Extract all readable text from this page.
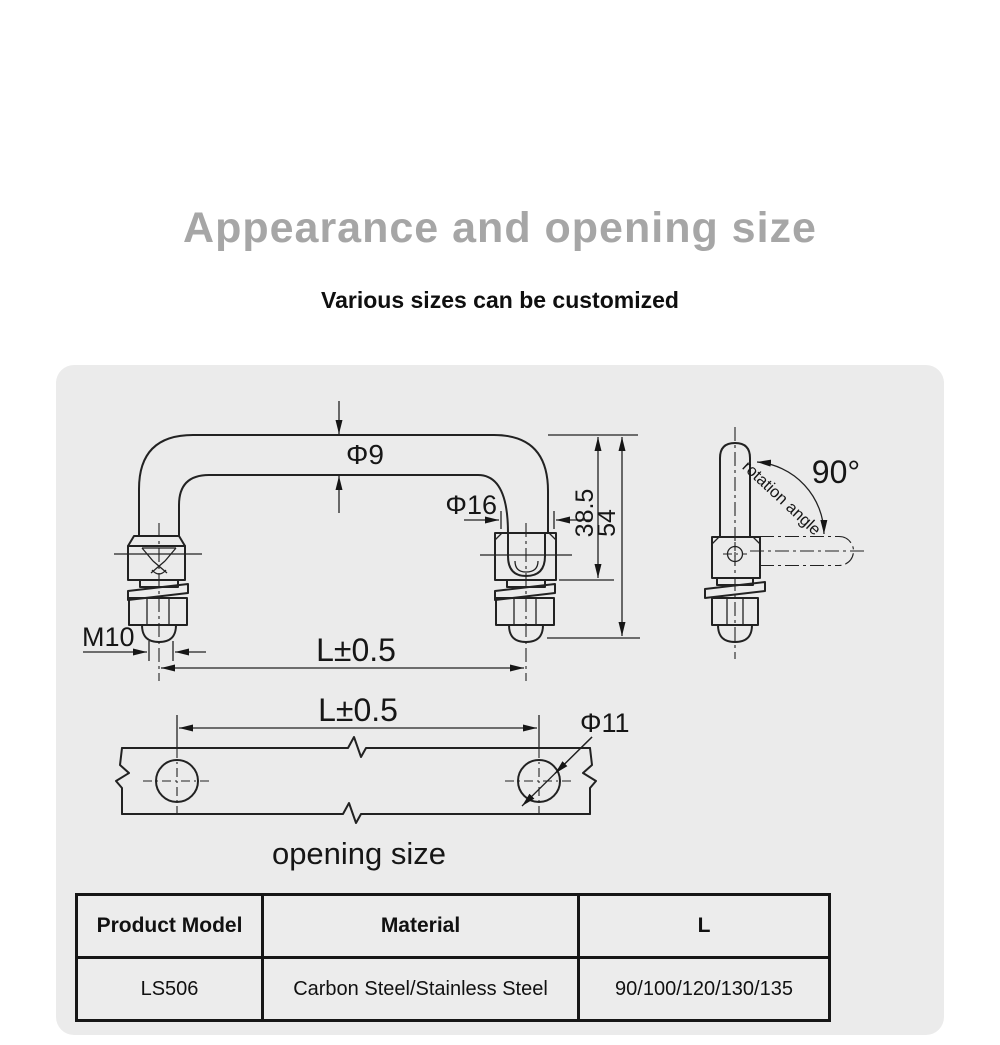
Appearance and opening size
Various sizes can be customized
Φ9
Φ16	38.5
54
M10	L±0.5
90°
rotation angle
L±0.5	Φ11
opening size
Product Model	Material	L
LS506	Carbon Steel/Stainless Steel	90/100/120/130/135
